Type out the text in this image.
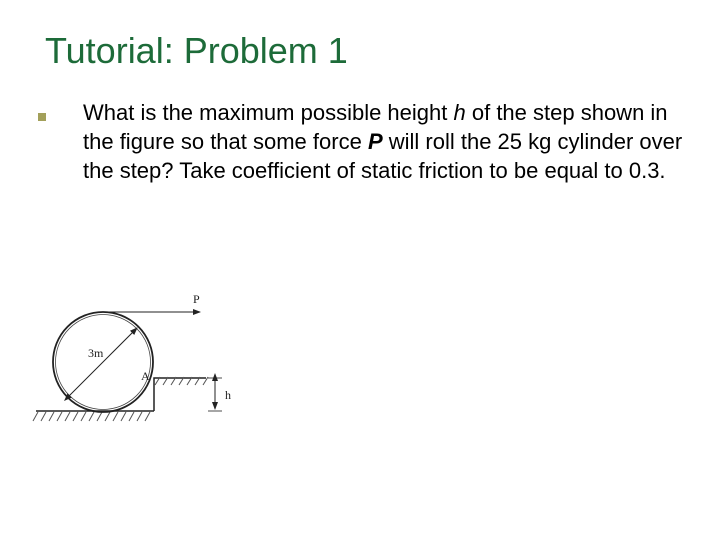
Tutorial: Problem 1
What is the maximum possible height h of the step shown in the figure so that some force P will roll the 25 kg cylinder over the step? Take coefficient of static friction to be equal to 0.3.
3m
A
P
h
